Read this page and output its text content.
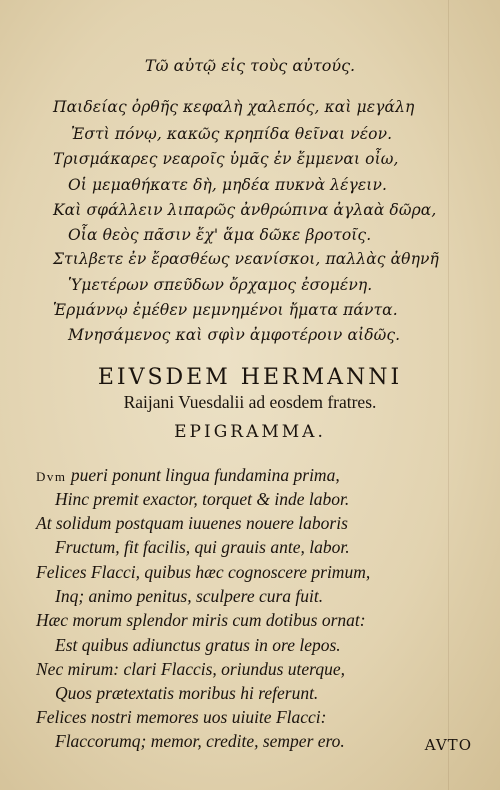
Τῶ αὐτῷ εἰς τοὺς αὐτούς.
Παιδείας ὀρθῆς κεφαλὴ χαλεπός, καὶ μεγάλη
Ἐστὶ πόνῳ, κακῶς κρηπίδα θεῖναι νέον.
Τρισμάκαρες νεαροῖς ὑμᾶς ἐν ἔμμεναι οἶω,
Οἱ μεμαθήκατε δὴ, μηδέα πυκνὰ λέγειν.
Καὶ σφάλλειν λιπαρῶς ἀνθρώπινα ἀγλαὰ δῶρα,
Οἷα θεὸς πᾶσιν ἔχ' ἅμα δῶκε βροτοῖς.
Στιλβετε ἐν ἔρασθέως νεανίσκοι, παλλὰς ἀθηνῆ
Ὑμετέρων σπεῦδων ὄρχαμος ἐσομένη.
Ἑρμάννῳ ἐμέθεν μεμνημένοι ἤματα πάντα.
Μνησάμενος καὶ σφὶν ἀμφοτέροιν αἰδῶς.
EIVSDEM HERMANNI
Raijani Vuesdalii ad eosdem fratres.
EPIGRAMMA.
Dvm pueri ponunt lingua fundamina prima,
Hinc premit exactor, torquet & inde labor.
At solidum postquam iuuenes nouere laboris
Fructum, fit facilis, qui grauis ante, labor.
Felices Flacci, quibus hæc cognoscere primum,
Inq; animo penitus, sculpere cura fuit.
Hæc morum splendor miris cum dotibus ornat:
Est quibus adiunctus gratus in ore lepos.
Nec mirum: clari Flaccis, oriundus uterque,
Quos prætextatis moribus hi referunt.
Felices nostri memores uos uiuite Flacci:
Flaccorumq; memor, credite, semper ero.	AVTO
